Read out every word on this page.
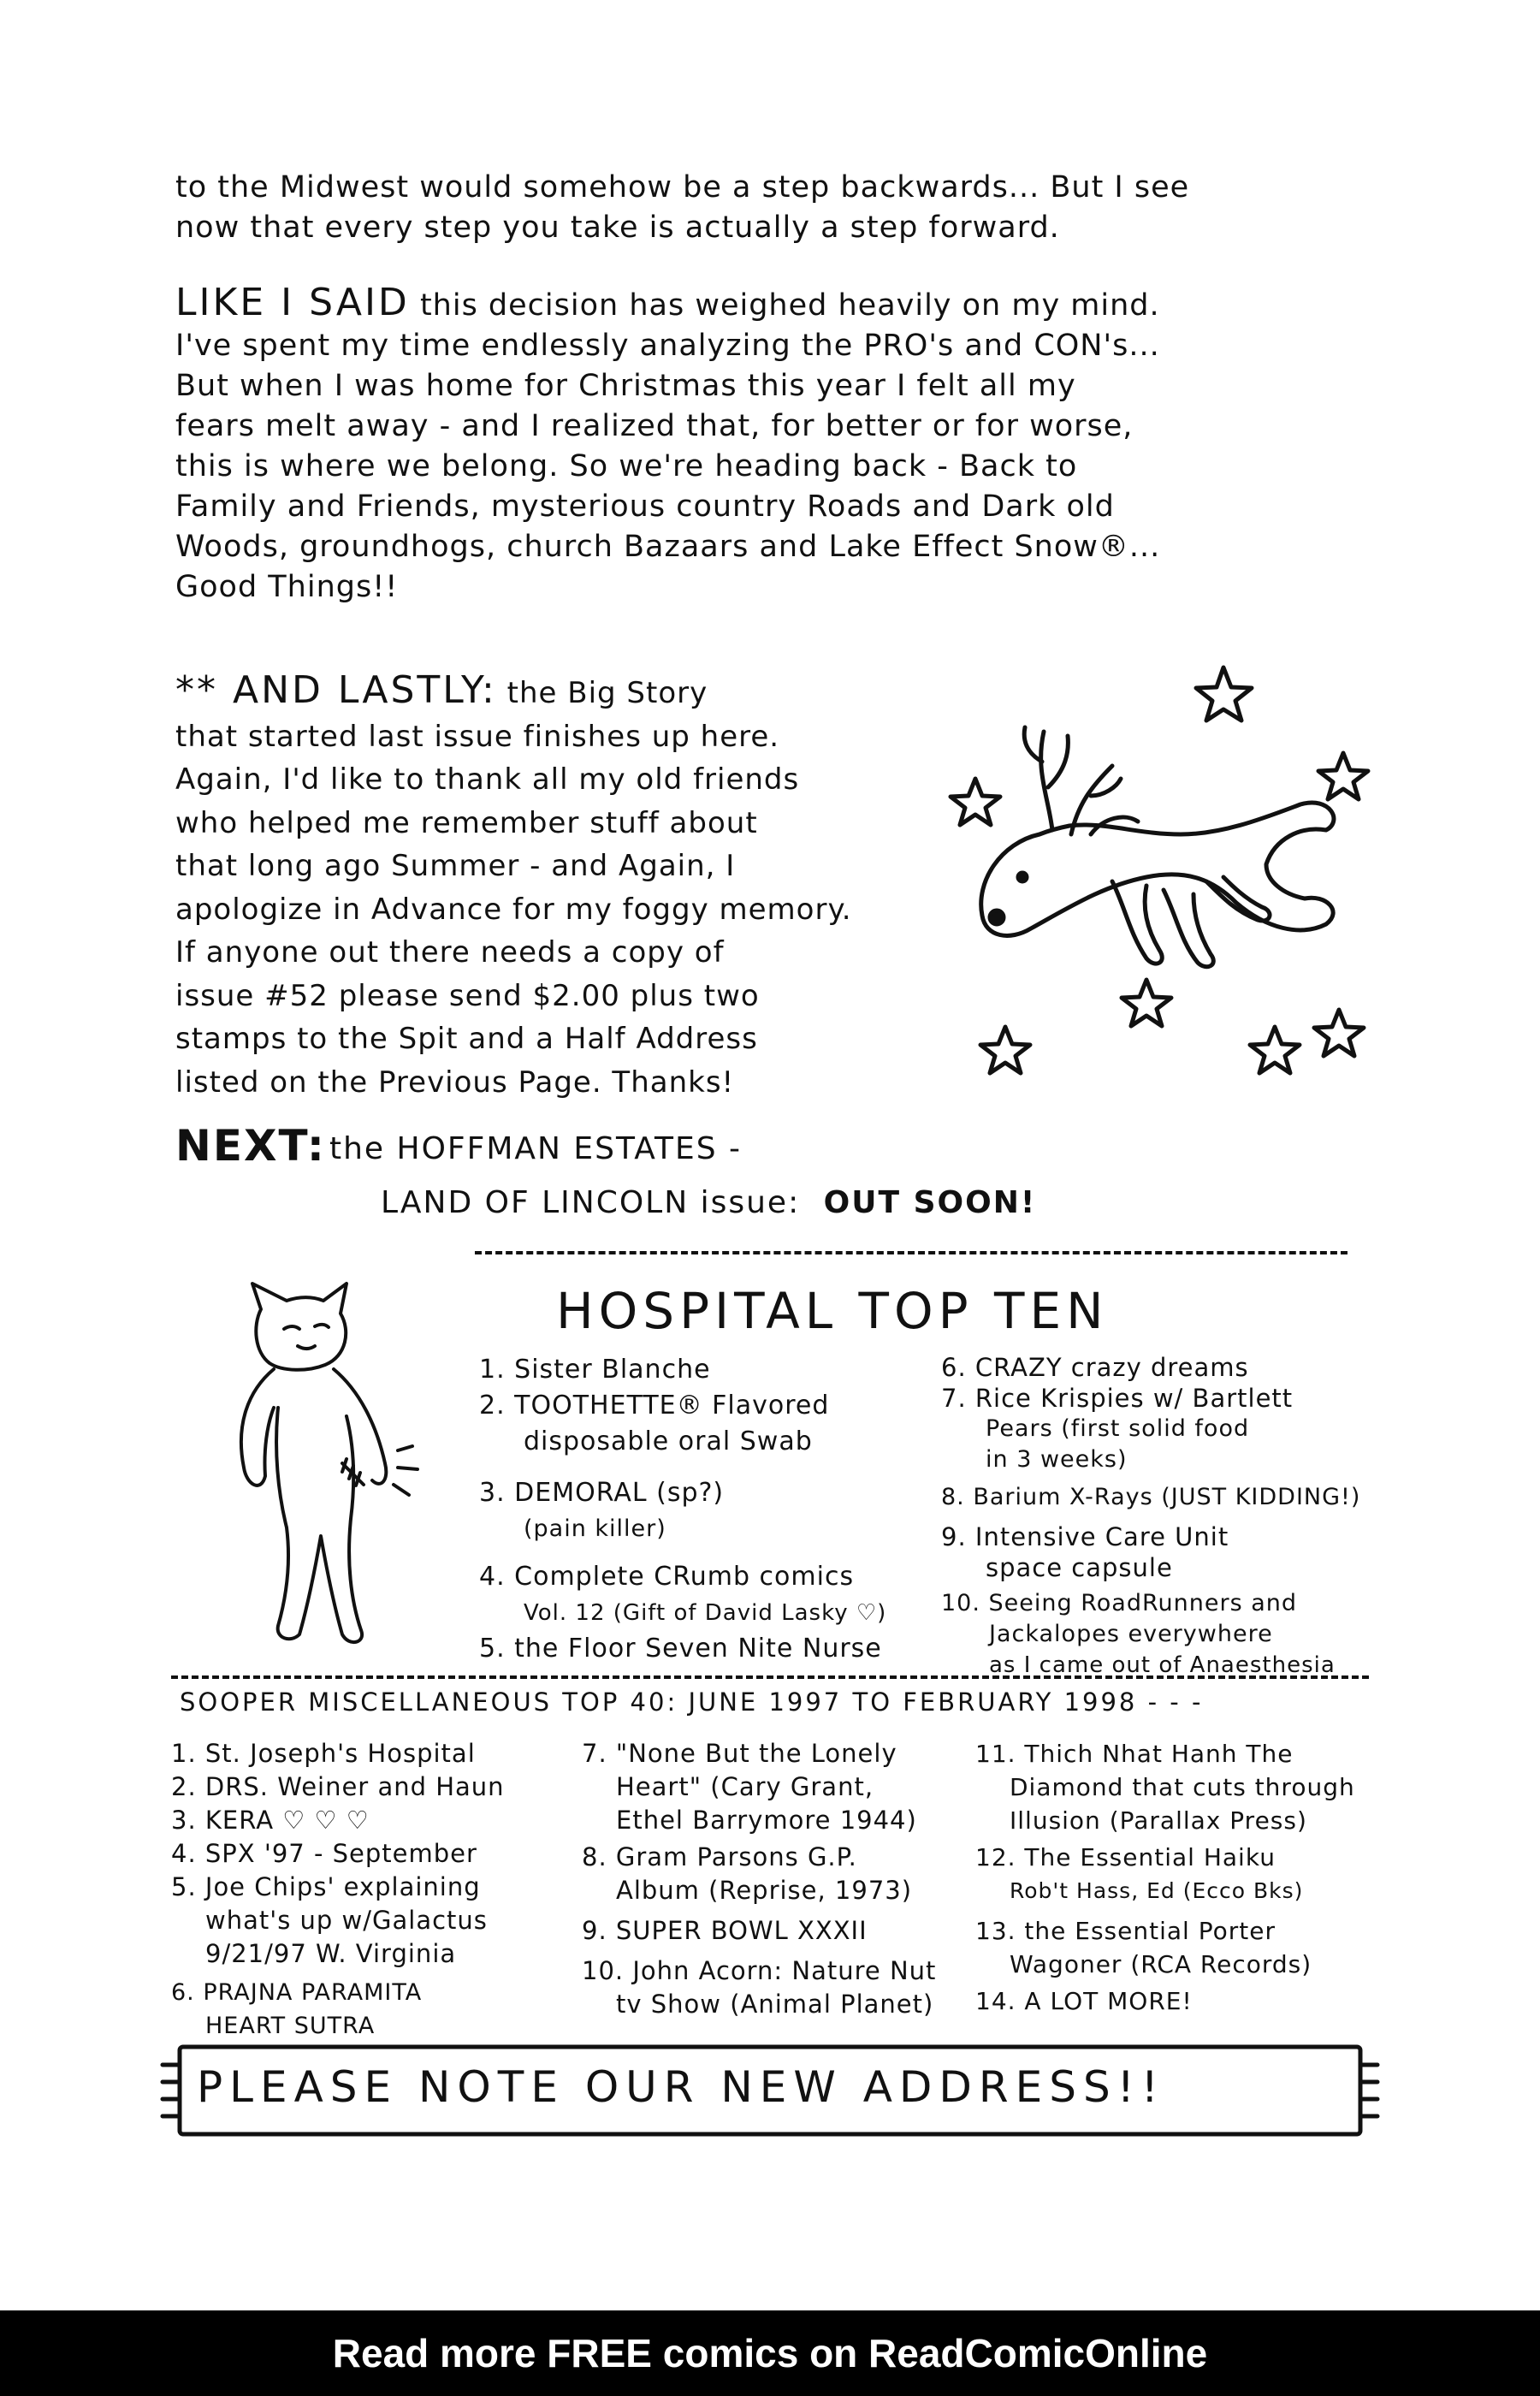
to the Midwest would somehow be a step backwards... But I see
now that every step you take is actually a step forward.
LIKE I SAID this decision has weighed heavily on my mind.
I've spent my time endlessly analyzing the PRO's and CON's...
But when I was home for Christmas this year I felt all my
fears melt away - and I realized that, for better or for worse,
this is where we belong. So we're heading back - Back to
Family and Friends, mysterious country Roads and Dark old
Woods, groundhogs, church Bazaars and Lake Effect Snow®...
Good Things!!
** AND LASTLY: the Big Story
that started last issue finishes up here.
Again, I'd like to thank all my old friends
who helped me remember stuff about
that long ago Summer - and Again, I
apologize in Advance for my foggy memory.
If anyone out there needs a copy of
issue #52 please send $2.00 plus two
stamps to the Spit and a Half Address
listed on the Previous Page. Thanks!
NEXT: the HOFFMAN ESTATES -
LAND OF LINCOLN issue: OUT SOON!
HOSPITAL TOP TEN
1. Sister Blanche
2. TOOTHETTE® Flavored
disposable oral Swab
3. DEMORAL (sp?)
(pain killer)
4. Complete CRumb comics
Vol. 12 (Gift of David Lasky ♡)
5. the Floor Seven Nite Nurse
6. CRAZY crazy dreams
7. Rice Krispies w/ Bartlett
Pears (first solid food
in 3 weeks)
8. Barium X-Rays (JUST KIDDING!)
9. Intensive Care Unit
space capsule
10. Seeing RoadRunners and
Jackalopes everywhere
as I came out of Anaesthesia
SOOPER MISCELLANEOUS TOP 40: JUNE 1997 TO FEBRUARY 1998 - - -
1. St. Joseph's Hospital
2. DRS. Weiner and Haun
3. KERA ♡ ♡ ♡
4. SPX '97 - September
5. Joe Chips' explaining
what's up w/Galactus
9/21/97 W. Virginia
6. PRAJNA PARAMITA
HEART SUTRA
7. "None But the Lonely
Heart" (Cary Grant,
Ethel Barrymore 1944)
8. Gram Parsons G.P.
Album (Reprise, 1973)
9. SUPER BOWL XXXII
10. John Acorn: Nature Nut
tv Show (Animal Planet)
11. Thich Nhat Hanh The
Diamond that cuts through
Illusion (Parallax Press)
12. The Essential Haiku
Rob't Hass, Ed (Ecco Bks)
13. the Essential Porter
Wagoner (RCA Records)
14. A LOT MORE!
PLEASE NOTE OUR NEW ADDRESS!!
Read more FREE comics on ReadComicOnline
